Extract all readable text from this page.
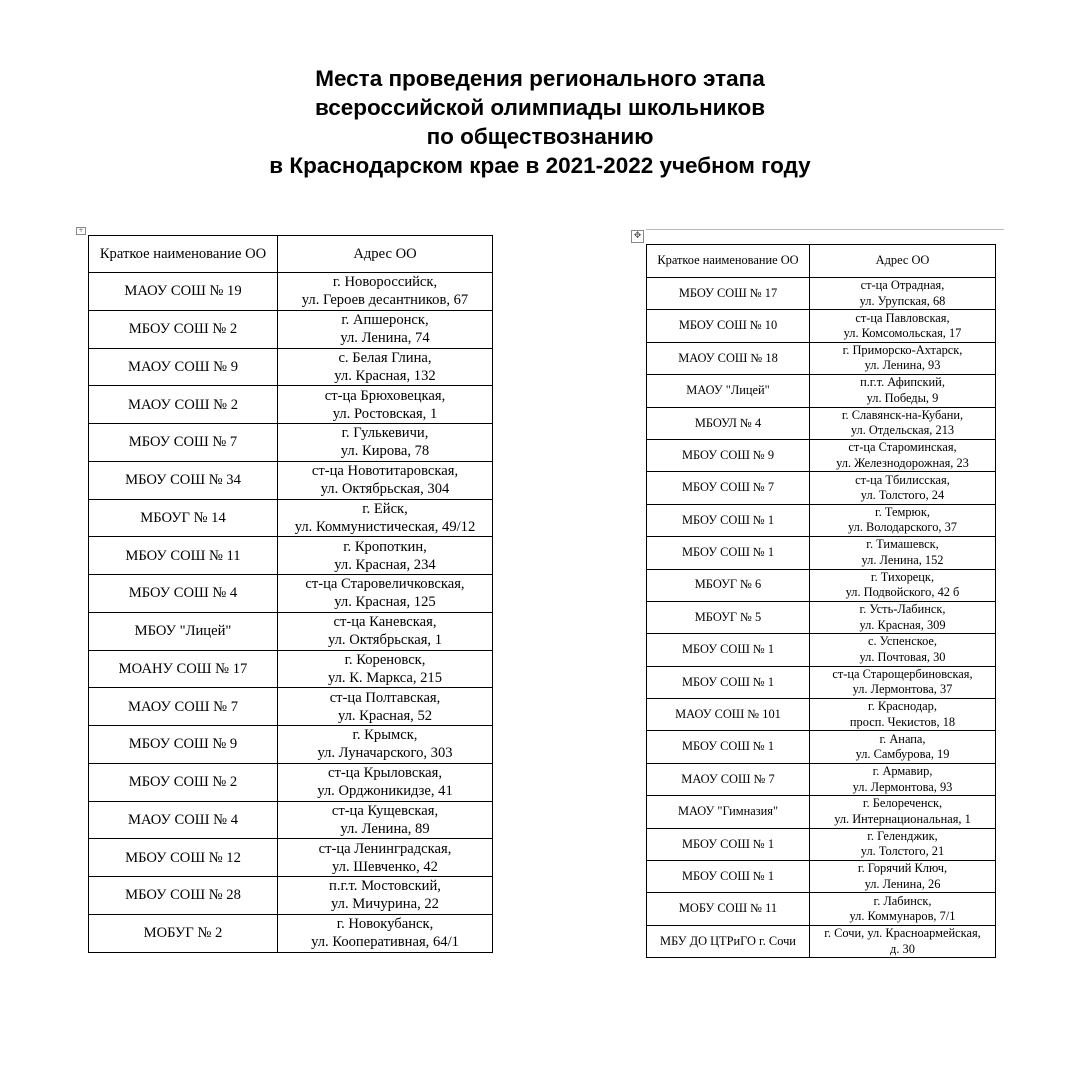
Места проведения регионального этапа
всероссийской олимпиады школьников
по обществознанию
в Краснодарском крае в 2021-2022 учебном году
+
Краткое наименование ОО	Адрес ОО
МАОУ СОШ № 19	г. Новороссийск,
ул. Героев десантников, 67

МБОУ СОШ № 2	г. Апшеронск,
ул. Ленина, 74

МАОУ СОШ № 9	с. Белая Глина,
ул. Красная, 132

МАОУ СОШ № 2	ст-ца Брюховецкая,
ул. Ростовская, 1

МБОУ СОШ № 7	г. Гулькевичи,
ул. Кирова, 78

МБОУ СОШ № 34	ст-ца Новотитаровская,
ул. Октябрьская, 304

МБОУГ № 14	г. Ейск,
ул. Коммунистическая, 49/12

МБОУ СОШ № 11	г. Кропоткин,
ул. Красная, 234

МБОУ СОШ № 4	ст-ца Старовеличковская,
ул. Красная, 125

МБОУ "Лицей"	ст-ца Каневская,
ул. Октябрьская, 1

МОАНУ СОШ № 17	г. Кореновск,
ул. К. Маркса, 215

МАОУ СОШ № 7	ст-ца Полтавская,
ул. Красная, 52

МБОУ СОШ № 9	г. Крымск,
ул. Луначарского, 303

МБОУ СОШ № 2	ст-ца Крыловская,
ул. Орджоникидзе, 41

МАОУ СОШ № 4	ст-ца Кущевская,
ул. Ленина, 89

МБОУ СОШ № 12	ст-ца Ленинградская,
ул. Шевченко, 42

МБОУ СОШ № 28	п.г.т. Мостовский,
ул. Мичурина, 22

МОБУГ № 2	г. Новокубанск,
ул. Кооперативная, 64/1
✥
Краткое наименование ОО	Адрес ОО
МБОУ СОШ № 17	ст-ца Отрадная,
ул. Урупская, 68

МБОУ СОШ № 10	ст-ца Павловская,
ул. Комсомольская, 17

МАОУ СОШ № 18	г. Приморско-Ахтарск,
ул. Ленина, 93

МАОУ "Лицей"	п.г.т. Афипский,
ул. Победы, 9

МБОУЛ № 4	г. Славянск-на-Кубани,
ул. Отдельская, 213

МБОУ СОШ № 9	ст-ца Староминская,
ул. Железнодорожная, 23

МБОУ СОШ № 7	ст-ца Тбилисская,
ул. Толстого, 24

МБОУ СОШ № 1	г. Темрюк,
ул. Володарского, 37

МБОУ СОШ № 1	г. Тимашевск,
ул. Ленина, 152

МБОУГ № 6	г. Тихорецк,
ул. Подвойского, 42 б

МБОУГ № 5	г. Усть-Лабинск,
ул. Красная, 309

МБОУ СОШ № 1	с. Успенское,
ул. Почтовая, 30

МБОУ СОШ № 1	ст-ца Старощербиновская,
ул. Лермонтова, 37

МАОУ СОШ № 101	г. Краснодар,
просп. Чекистов, 18

МБОУ СОШ № 1	г. Анапа,
ул. Самбурова, 19

МАОУ СОШ № 7	г. Армавир,
ул. Лермонтова, 93

МАОУ "Гимназия"	г. Белореченск,
ул. Интернациональная, 1

МБОУ СОШ № 1	г. Геленджик,
ул. Толстого, 21

МБОУ СОШ № 1	г. Горячий Ключ,
ул. Ленина, 26

МОБУ СОШ № 11	г. Лабинск,
ул. Коммунаров, 7/1

МБУ ДО ЦТРиГО г. Сочи	г. Сочи, ул. Красноармейская,
д. 30
